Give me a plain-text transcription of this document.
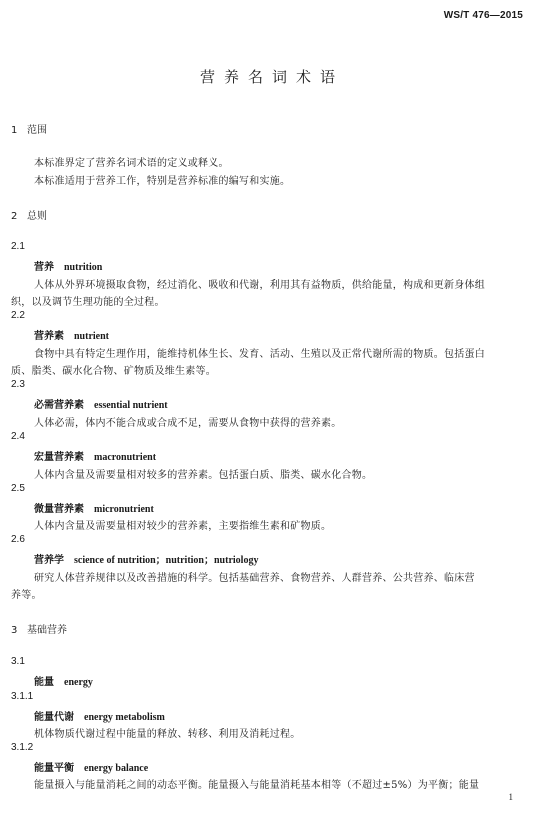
WS/T 476—2015
营养名词术语
1 范围
本标准界定了营养名词术语的定义或释义。
本标准适用于营养工作，特别是营养标准的编写和实施。
2 总则
2.1
营养 nutrition
人体从外界环境摄取食物，经过消化、吸收和代谢，利用其有益物质，供给能量，构成和更新身体组
织，以及调节生理功能的全过程。
2.2
营养素 nutrient
食物中具有特定生理作用，能维持机体生长、发育、活动、生殖以及正常代谢所需的物质。包括蛋白
质、脂类、碳水化合物、矿物质及维生素等。
2.3
必需营养素 essential nutrient
人体必需，体内不能合成或合成不足，需要从食物中获得的营养素。
2.4
宏量营养素 macronutrient
人体内含量及需要量相对较多的营养素。包括蛋白质、脂类、碳水化合物。
2.5
微量营养素 micronutrient
人体内含量及需要量相对较少的营养素，主要指维生素和矿物质。
2.6
营养学 science of nutrition；nutrition；nutriology
研究人体营养规律以及改善措施的科学。包括基础营养、食物营养、人群营养、公共营养、临床营
养等。
3 基础营养
3.1
能量 energy
3.1.1
能量代谢 energy metabolism
机体物质代谢过程中能量的释放、转移、利用及消耗过程。
3.1.2
能量平衡 energy balance
能量摄入与能量消耗之间的动态平衡。能量摄入与能量消耗基本相等（不超过±5%）为平衡；能量
1
